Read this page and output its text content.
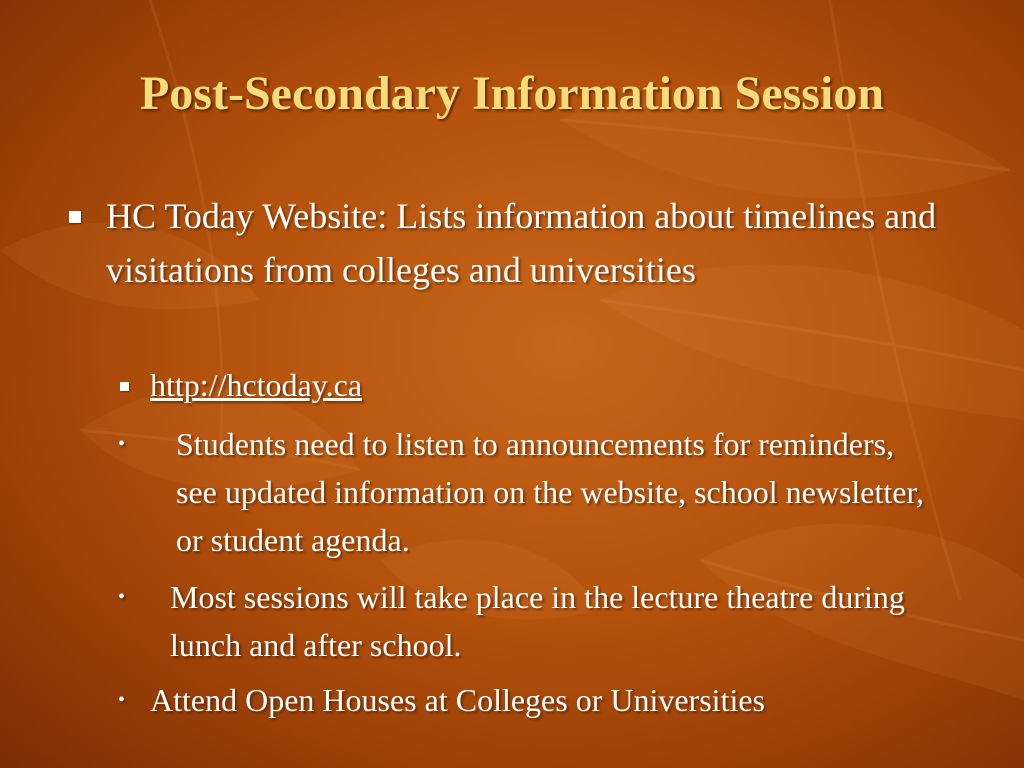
Post-Secondary Information Session
HC Today Website: Lists information about timelines and visitations from colleges and universities
http://hctoday.ca
• Students need to listen to announcements for reminders, see updated information on the website, school newsletter, or student agenda.
• Most sessions will take place in the lecture theatre during lunch and after school.
• Attend Open Houses at Colleges or Universities
